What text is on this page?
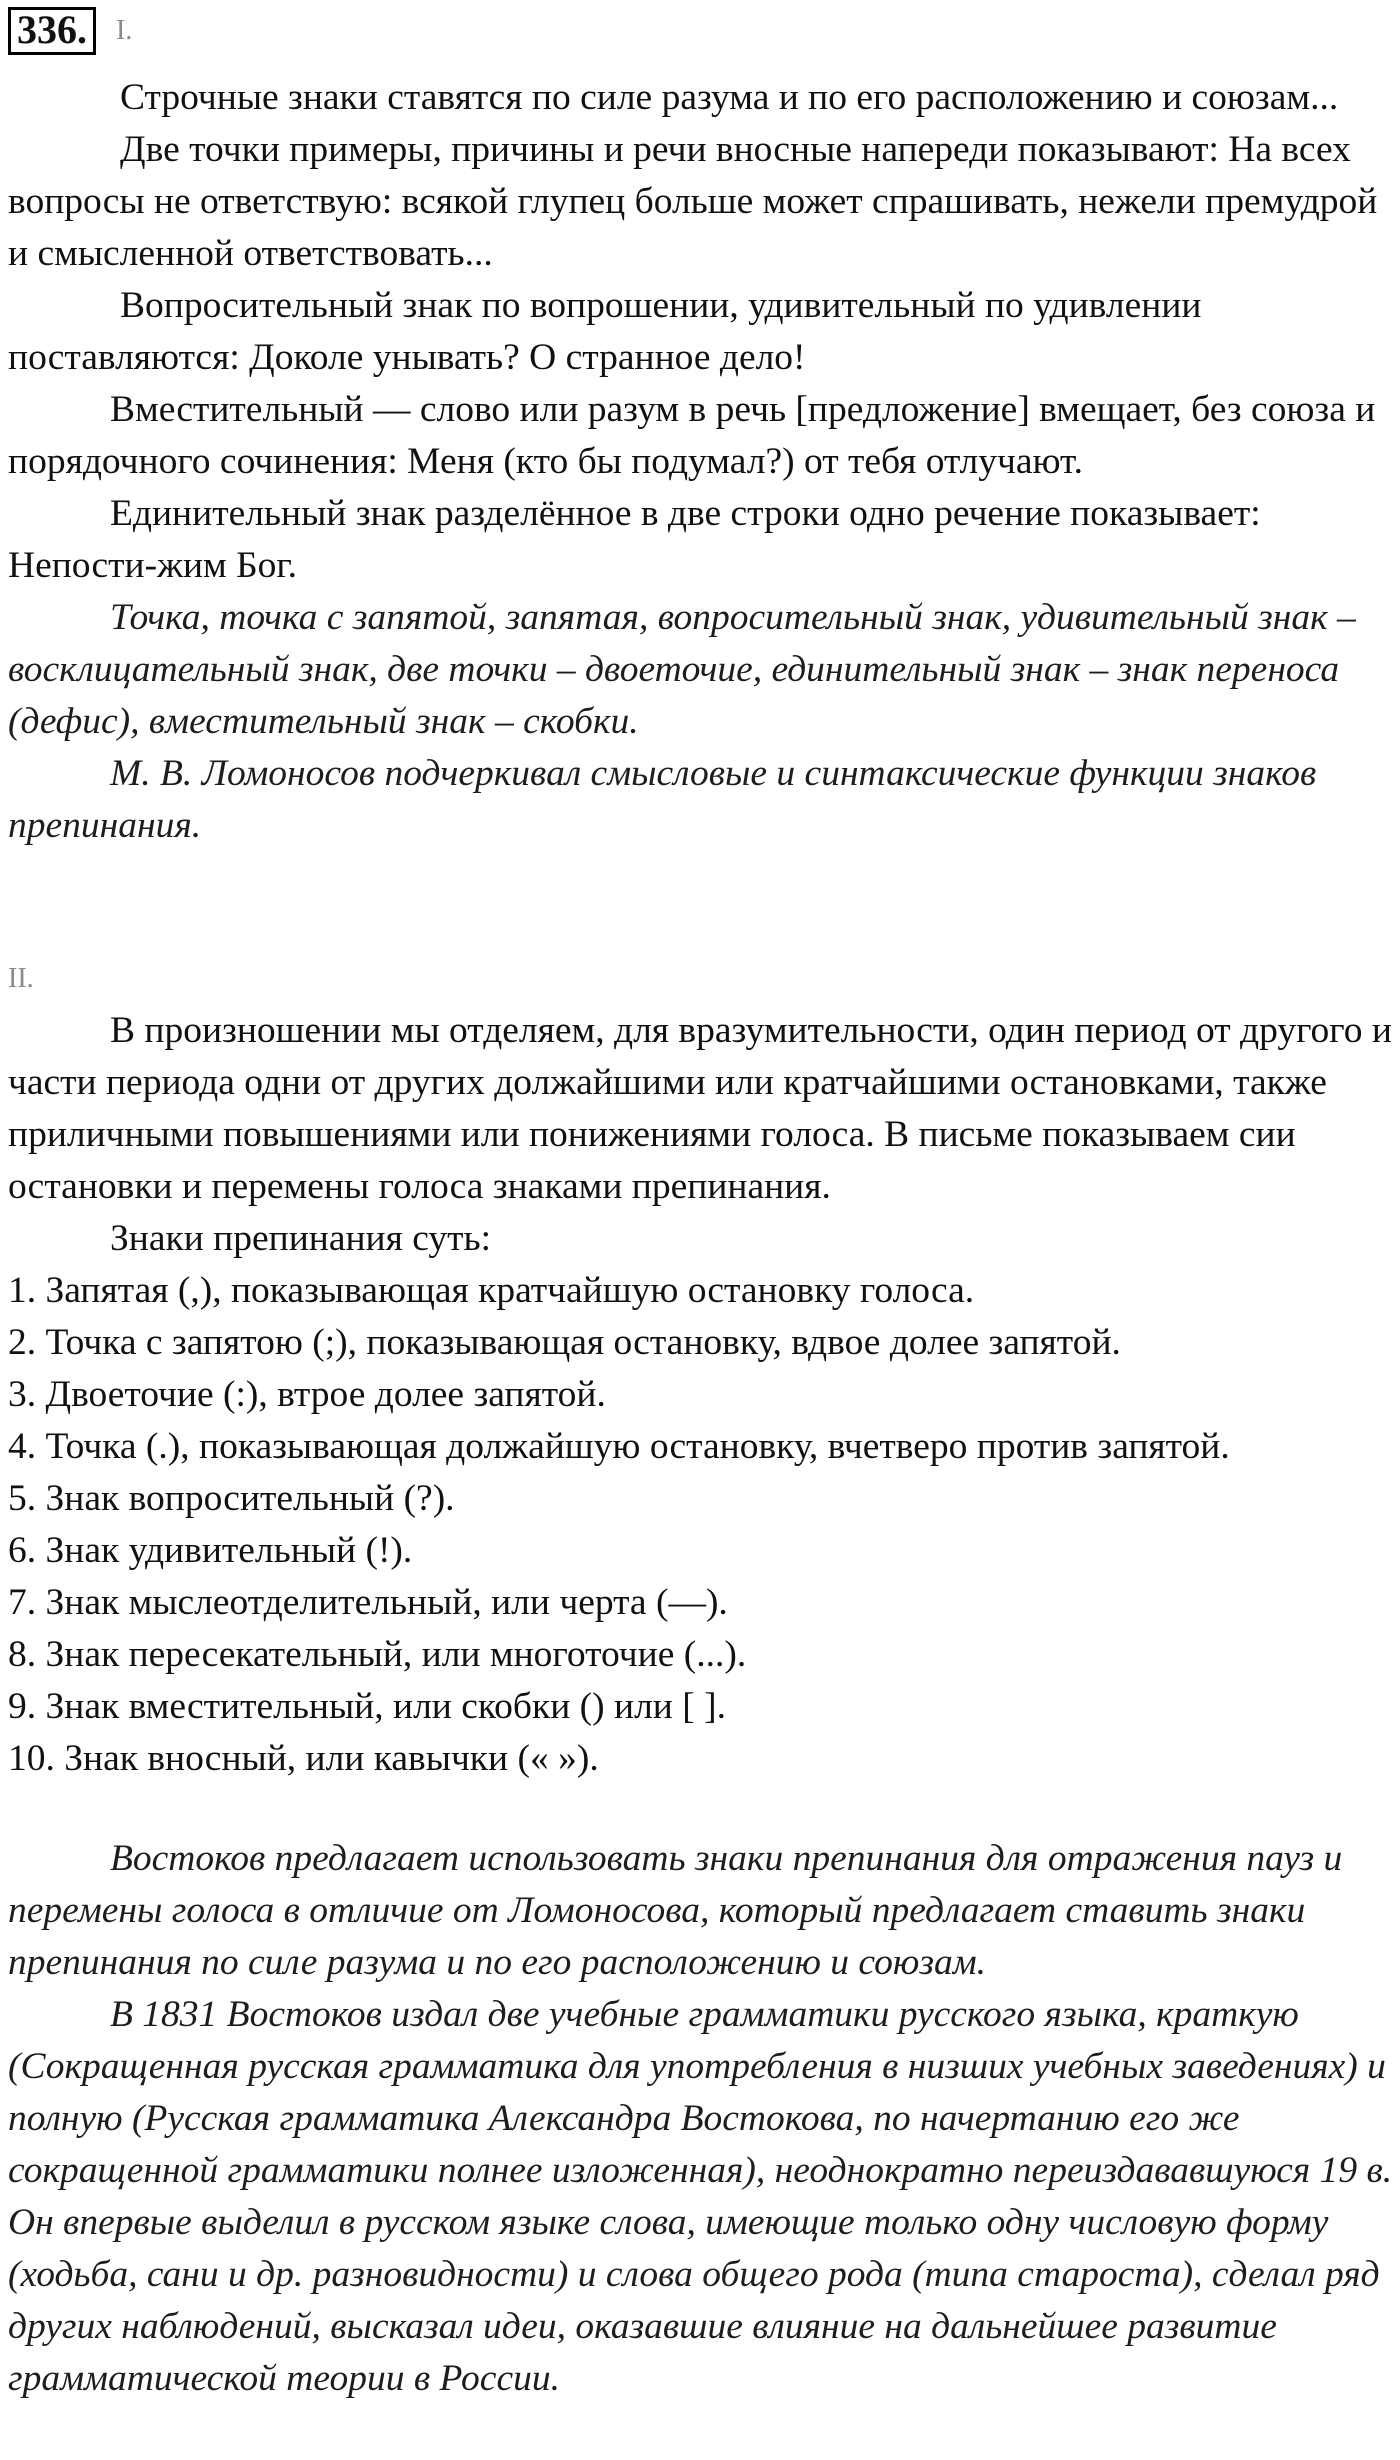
336.	I.

Строчные знаки ставятся по силе разума и по его расположению и союзам...

Две точки примеры, причины и речи вносные напереди показывают: На всех вопросы не ответствую: всякой глупец больше может спрашивать, нежели премудрой и смысленной ответствовать...

Вопросительный знак по вопрошении, удивительный по удивлении поставляются: Доколе унывать? О странное дело!

Вместительный — слово или разум в речь [предложение] вмещает, без союза и порядочного сочинения: Меня (кто бы подумал?) от тебя отлучают.

Единительный знак разделённое в две строки одно речение показывает: Непости-жим Бог.

Точка, точка с запятой, запятая, вопросительный знак, удивительный знак – восклицательный знак, две точки – двоеточие, единительный знак – знак переноса (дефис), вместительный знак – скобки.

М. В. Ломоносов подчеркивал смысловые и синтаксические функции знаков препинания.

II.

В произношении мы отделяем, для вразумительности, один период от другого и части периода одни от других должайшими или кратчайшими остановками, также приличными повышениями или понижениями голоса. В письме показываем сии остановки и перемены голоса знаками препинания.

Знаки препинания суть:

1. Запятая (,), показывающая кратчайшую остановку голоса.

2. Точка с запятою (;), показывающая остановку, вдвое долее запятой.

3. Двоеточие (:), втрое долее запятой.

4. Точка (.), показывающая должайшую остановку, вчетверо против запятой.

5. Знак вопросительный (?).

6. Знак удивительный (!).

7. Знак мыслеотделительный, или черта (—).

8. Знак пересекательный, или многоточие (...).

9. Знак вместительный, или скобки () или [ ].

10. Знак вносный, или кавычки (« »).

Востоков предлагает использовать знаки препинания для отражения пауз и перемены голоса в отличие от Ломоносова, который предлагает ставить знаки препинания по силе разума и по его расположению и союзам.

В 1831 Востоков издал две учебные грамматики русского языка, краткую (Сокращенная русская грамматика для употребления в низших учебных заведениях) и полную (Русская грамматика Александра Востокова, по начертанию его же сокращенной грамматики полнее изложенная), неоднократно переиздававшуюся 19 в. Он впервые выделил в русском языке слова, имеющие только одну числовую форму (ходьба, сани и др. разновидности) и слова общего рода (типа староста), сделал ряд других наблюдений, высказал идеи, оказавшие влияние на дальнейшее развитие грамматической теории в России.
